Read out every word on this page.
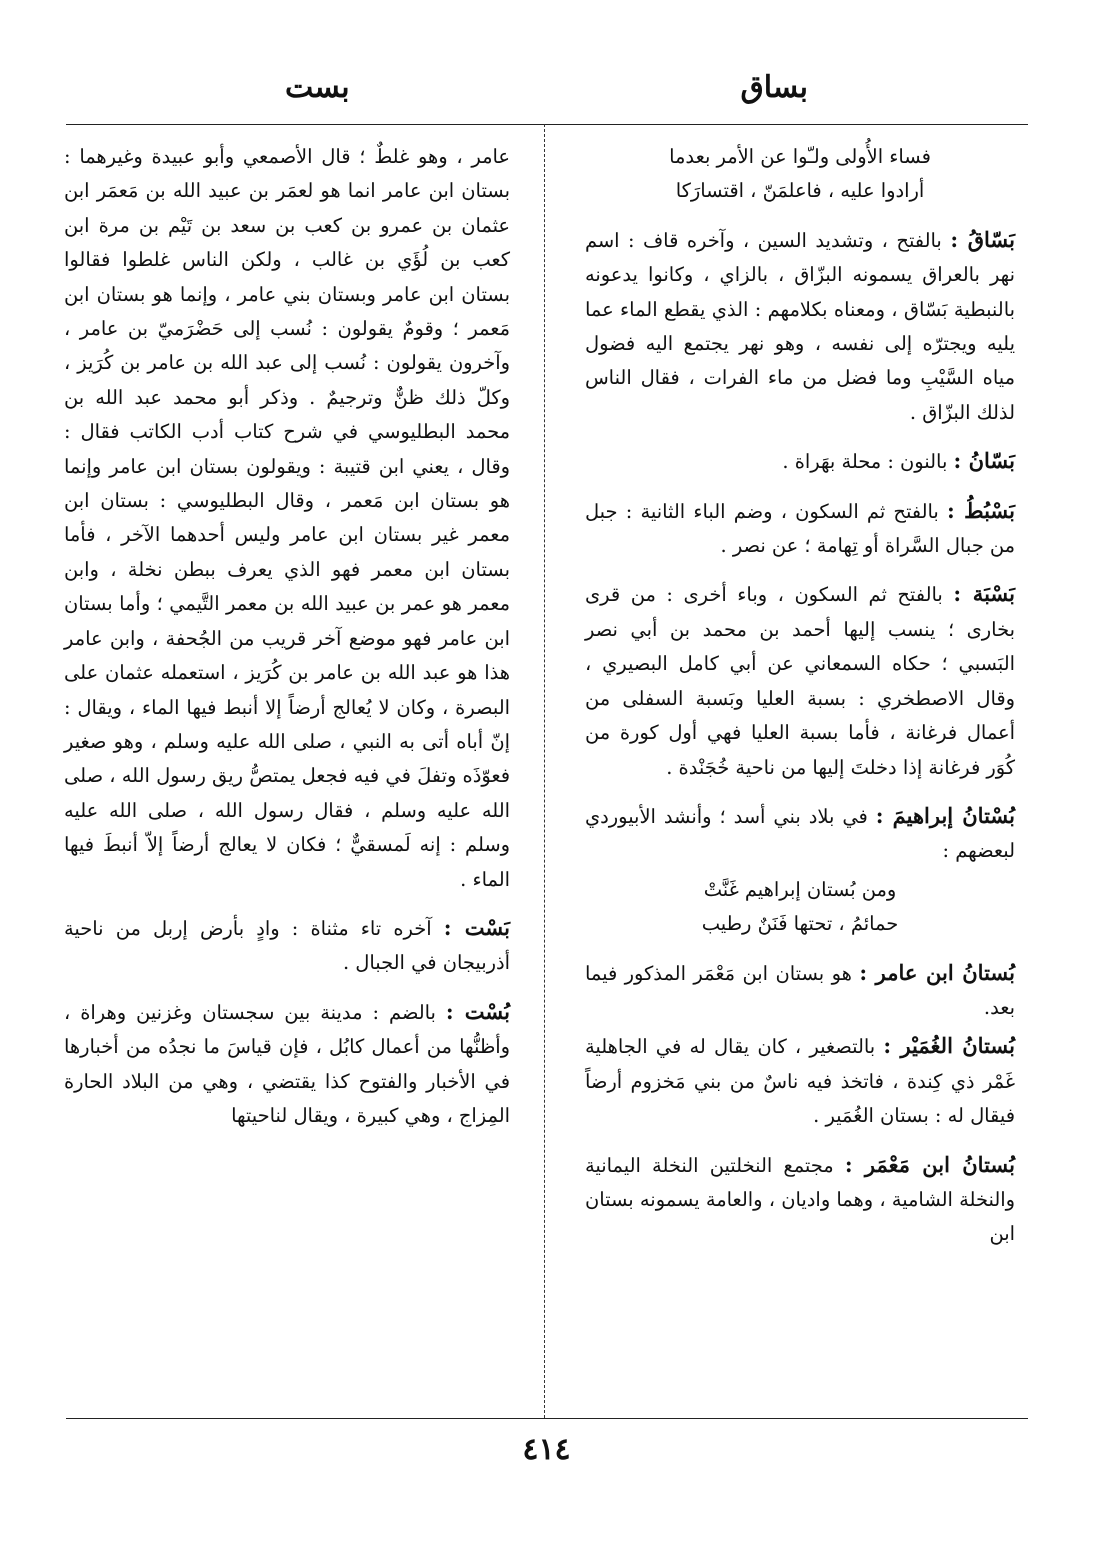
بساق
بست
فساء الأُولى ولـّوا عن الأمر بعدما
أرادوا عليه ، فاعلمَنّ ، اقتسارَكا
بَسّاقُ : بالفتح ، وتشديد السين ، وآخره قاف : اسم نهر بالعراق يسمونه البزّاق ، بالزاي ، وكانوا يدعونه بالنبطية بَسّاق ، ومعناه بكلامهم : الذي يقطع الماء عما يليه ويجترّه إلى نفسه ، وهو نهر يجتمع اليه فضول مياه السَّيْبِ وما فضل من ماء الفرات ، فقال الناس لذلك البزّاق .
بَسّانُ : بالنون : محلة بهَراة .
بَسْبُطُ : بالفتح ثم السكون ، وضم الباء الثانية : جبل من جبال السَّراة أو تِهامة ؛ عن نصر .
بَسْبَة : بالفتح ثم السكون ، وباء أخرى : من قرى بخارى ؛ ينسب إليها أحمد بن محمد بن أبي نصر البَسبي ؛ حكاه السمعاني عن أبي كامل البصيري ، وقال الاصطخري : بسبة العليا وبَسبة السفلى من أعمال فرغانة ، فأما بسبة العليا فهي أول كورة من كُوَر فرغانة إذا دخلتَ إليها من ناحية خُجَنْدة .
بُسْتانُ إبراهيمَ : في بلاد بني أسد ؛ وأنشد الأبيوردي لبعضهم :
ومن بُستان إبراهيم غَنَّتْ
حمائمُ ، تحتها فَنَنٌ رطيب
بُستانُ ابن عامر : هو بستان ابن مَعْمَر المذكور فيما بعد.
بُستانُ الغُمَيْر : بالتصغير ، كان يقال له في الجاهلية غَمْر ذي كِندة ، فاتخذ فيه ناسٌ من بني مَخزوم أرضاً فيقال له : بستان الغُمَير .
بُستانُ ابن مَعْمَر : مجتمع النخلتين النخلة اليمانية والنخلة الشامية ، وهما واديان ، والعامة يسمونه بستان ابن
عامر ، وهو غلطٌ ؛ قال الأصمعي وأبو عبيدة وغيرهما : بستان ابن عامر انما هو لعمَر بن عبيد الله بن مَعمَر ابن عثمان بن عمرو بن كعب بن سعد بن تَيْم بن مرة ابن كعب بن لُؤَي بن غالب ، ولكن الناس غلطوا فقالوا بستان ابن عامر وبستان بني عامر ، وإنما هو بستان ابن مَعمر ؛ وقومٌ يقولون : نُسب إلى حَضْرَميّ بن عامر ، وآخرون يقولون : نُسب إلى عبد الله بن عامر بن كُرَيز ، وكلّ ذلك ظنٌّ وترجيمٌ . وذكر أبو محمد عبد الله بن محمد البطليوسي في شرح كتاب أدب الكاتب فقال : وقال ، يعني ابن قتيبة : ويقولون بستان ابن عامر وإنما هو بستان ابن مَعمر ، وقال البطليوسي : بستان ابن معمر غير بستان ابن عامر وليس أحدهما الآخر ، فأما بستان ابن معمر فهو الذي يعرف ببطن نخلة ، وابن معمر هو عمر بن عبيد الله بن معمر التَّيمي ؛ وأما بستان ابن عامر فهو موضع آخر قريب من الجُحفة ، وابن عامر هذا هو عبد الله بن عامر بن كُرَيز ، استعمله عثمان على البصرة ، وكان لا يُعالج أرضاً إلا أنبط فيها الماء ، ويقال : إنّ أباه أتى به النبي ، صلى الله عليه وسلم ، وهو صغير فعوّذَه وتفلَ في فيه فجعل يمتصُّ ريق رسول الله ، صلى الله عليه وسلم ، فقال رسول الله ، صلى الله عليه وسلم : إنه لَمسقيٌّ ؛ فكان لا يعالج أرضاً إلاّ أنبطَ فيها الماء .
بَسْت : آخره تاء مثناة : وادٍ بأرض إربل من ناحية أذربيجان في الجبال .
بُسْت : بالضم : مدينة بين سجستان وغزنين وهراة ، وأظنُّها من أعمال كابُل ، فإن قياسَ ما نجدُه من أخبارها في الأخبار والفتوح كذا يقتضي ، وهي من البلاد الحارة المِزاج ، وهي كبيرة ، ويقال لناحيتها
٤١٤
